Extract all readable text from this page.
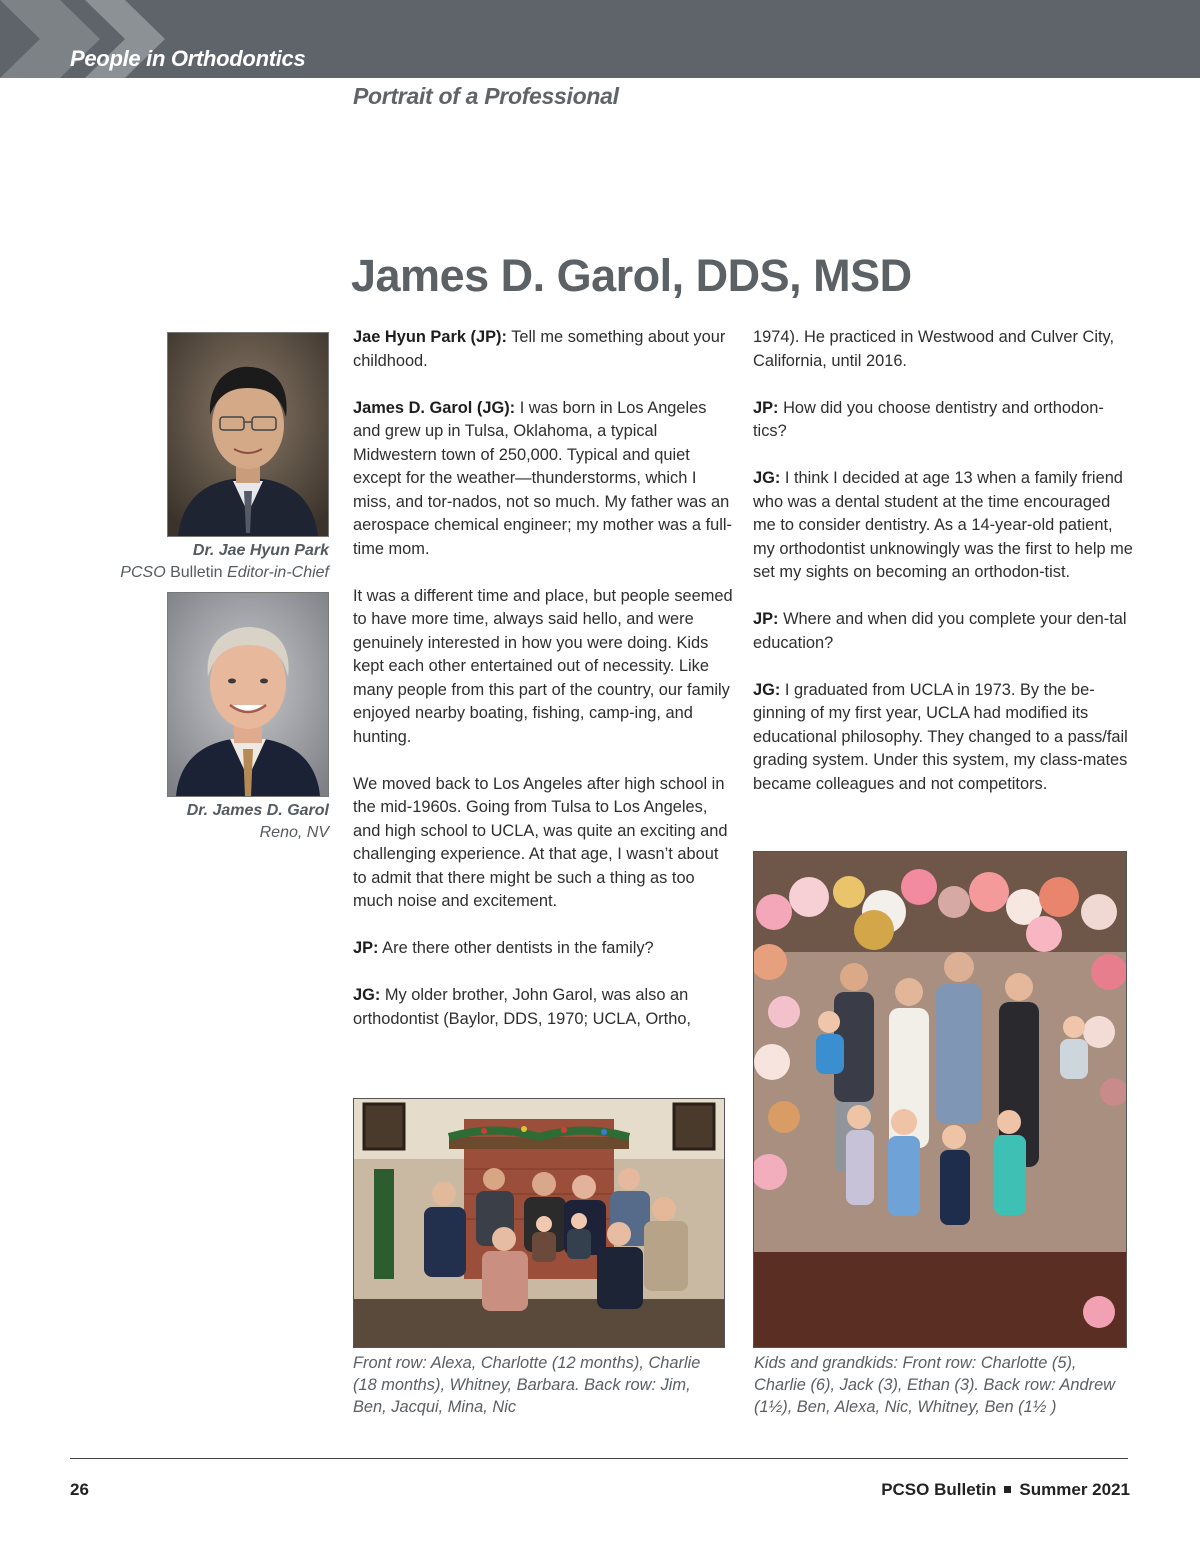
People in Orthodontics
Portrait of a Professional
James D. Garol, DDS, MSD
Dr. Jae Hyun Park
PCSO Bulletin Editor-in-Chief
Dr. James D. Garol
Reno, NV

Jae Hyun Park (JP): Tell me something about your childhood.

James D. Garol (JG): I was born in Los Angeles and grew up in Tulsa, Oklahoma, a typical Midwestern town of 250,000. Typical and quiet except for the weather—thunderstorms, which I miss, and tor-nados, not so much. My father was an aerospace chemical engineer; my mother was a full-time mom.

It was a different time and place, but people seemed to have more time, always said hello, and were genuinely interested in how you were doing. Kids kept each other entertained out of necessity. Like many people from this part of the country, our family enjoyed nearby boating, fishing, camp-ing, and hunting.

We moved back to Los Angeles after high school in the mid-1960s. Going from Tulsa to Los Angeles, and high school to UCLA, was quite an exciting and challenging experience. At that age, I wasn’t about to admit that there might be such a thing as too much noise and excitement.

JP: Are there other dentists in the family?

JG: My older brother, John Garol, was also an orthodontist (Baylor, DDS, 1970; UCLA, Ortho,

1974). He practiced in Westwood and Culver City, California, until 2016.

JP: How did you choose dentistry and orthodon-tics?

JG: I think I decided at age 13 when a family friend who was a dental student at the time encouraged me to consider dentistry. As a 14-year-old patient, my orthodontist unknowingly was the first to help me set my sights on becoming an orthodon-tist.

JP: Where and when did you complete your den-tal education?

JG: I graduated from UCLA in 1973. By the be-ginning of my first year, UCLA had modified its educational philosophy. They changed to a pass/fail grading system. Under this system, my class-mates became colleagues and not competitors.

Front row: Alexa, Charlotte (12 months), Charlie (18 months), Whitney, Barbara. Back row: Jim, Ben, Jacqui, Mina, Nic
Kids and grandkids: Front row: Charlotte (5), Charlie (6), Jack (3), Ethan (3). Back row: Andrew (1½), Ben, Alexa, Nic, Whitney, Ben (1½ )
26	PCSO Bulletin Summer 2021
